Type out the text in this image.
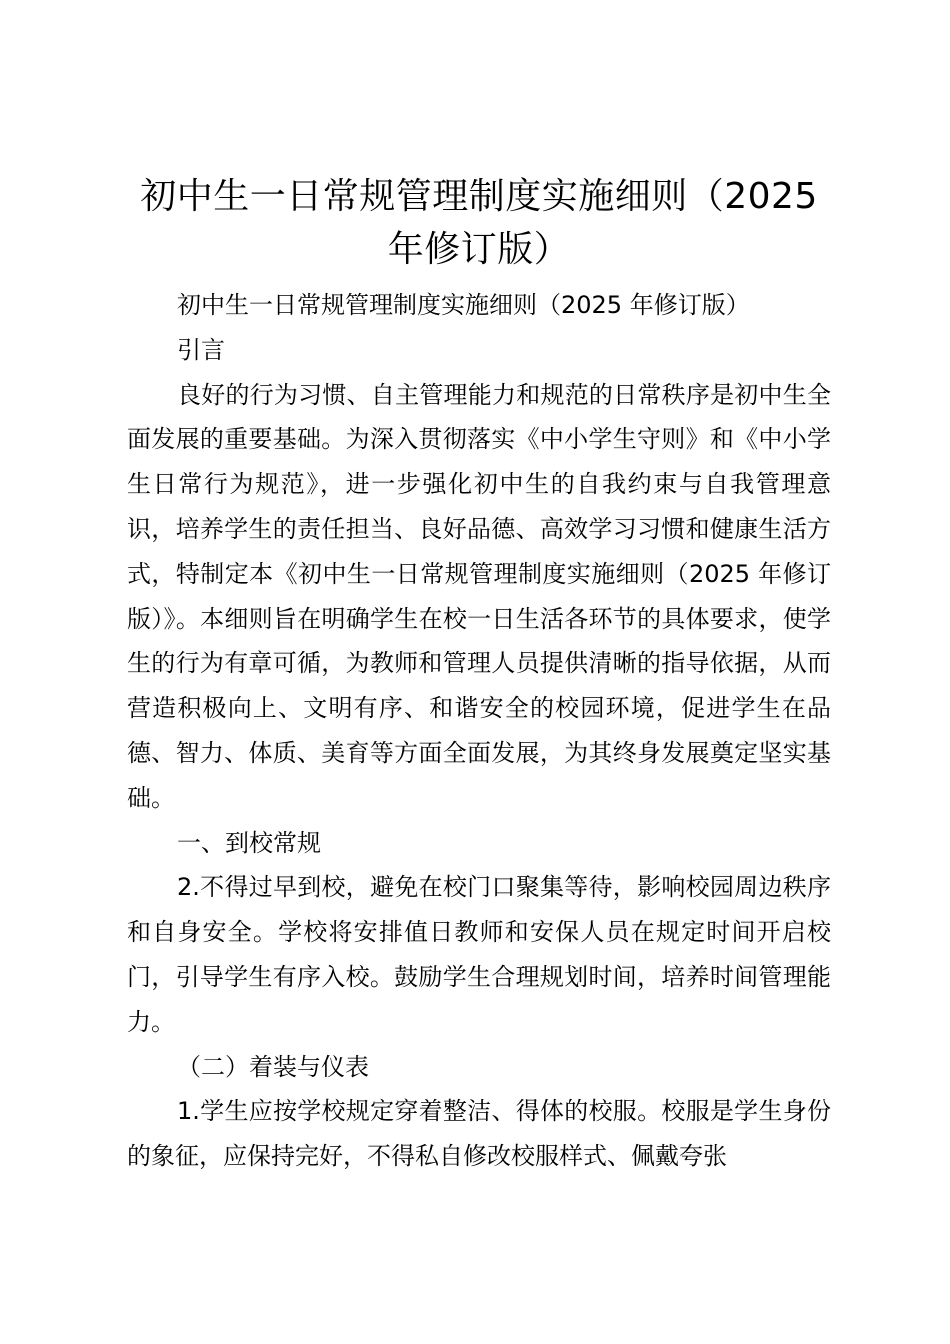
初中生一日常规管理制度实施细则（2025 年修订版）

初中生一日常规管理制度实施细则（2025 年修订版）

引言

良好的行为习惯、自主管理能力和规范的日常秩序是初中生全面发展的重要基础。为深入贯彻落实《中小学生守则》和《中小学生日常行为规范》，进一步强化初中生的自我约束与自我管理意识，培养学生的责任担当、良好品德、高效学习习惯和健康生活方式，特制定本《初中生一日常规管理制度实施细则（2025 年修订版）》。本细则旨在明确学生在校一日生活各环节的具体要求，使学生的行为有章可循，为教师和管理人员提供清晰的指导依据，从而营造积极向上、文明有序、和谐安全的校园环境，促进学生在品德、智力、体质、美育等方面全面发展，为其终身发展奠定坚实基础。

一、到校常规

2.不得过早到校，避免在校门口聚集等待，影响校园周边秩序和自身安全。学校将安排值日教师和安保人员在规定时间开启校门，引导学生有序入校。鼓励学生合理规划时间，培养时间管理能力。

（二）着装与仪表

1.学生应按学校规定穿着整洁、得体的校服。校服是学生身份的象征，应保持完好，不得私自修改校服样式、佩戴夸张
